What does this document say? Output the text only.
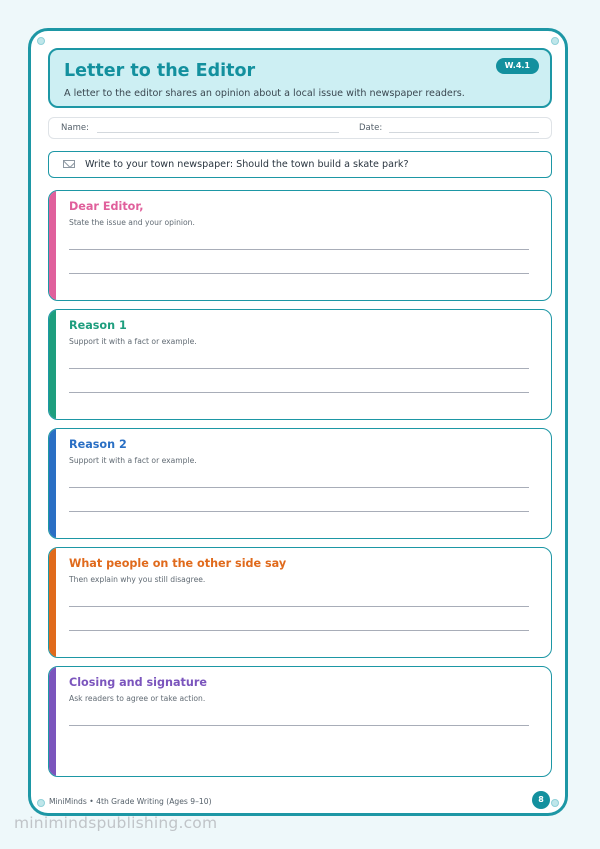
Letter to the Editor
A letter to the editor shares an opinion about a local issue with newspaper readers.
W.4.1
Name:	Date:
Write to your town newspaper: Should the town build a skate park?
Dear Editor,
State the issue and your opinion.
Reason 1
Support it with a fact or example.
Reason 2
Support it with a fact or example.
What people on the other side say
Then explain why you still disagree.
Closing and signature
Ask readers to agree or take action.
MiniMinds • 4th Grade Writing (Ages 9–10)	8
minimindspublishing.com
